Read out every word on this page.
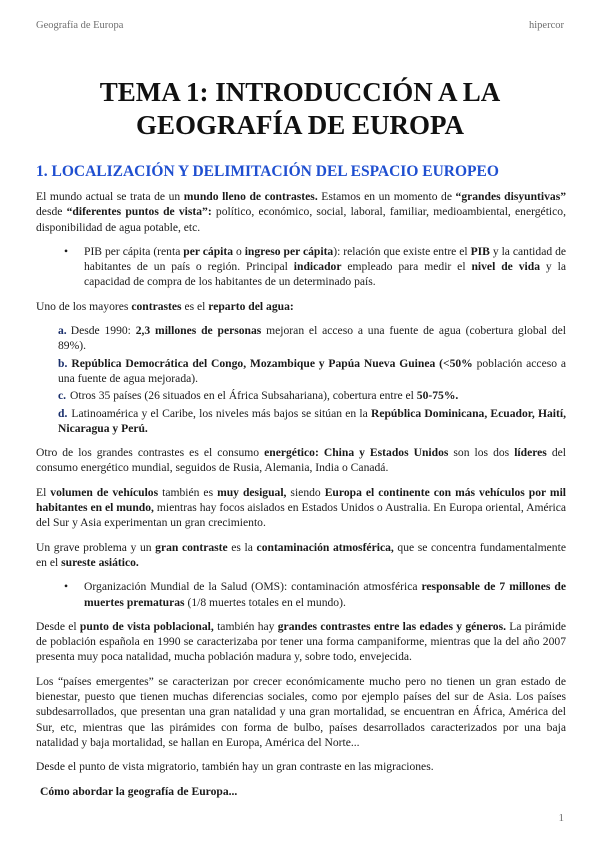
Geografía de Europa	hipercor
TEMA 1: INTRODUCCIÓN A LA
GEOGRAFÍA DE EUROPA
1. LOCALIZACIÓN Y DELIMITACIÓN DEL ESPACIO EUROPEO

El mundo actual se trata de un mundo lleno de contrastes. Estamos en un momento de “grandes disyuntivas” desde “diferentes puntos de vista”: político, económico, social, laboral, familiar, medioambiental, energético, disponibilidad de agua potable, etc.

• PIB per cápita (renta per cápita o ingreso per cápita): relación que existe entre el PIB y la cantidad de habitantes de un país o región. Principal indicador empleado para medir el nivel de vida y la capacidad de compra de los habitantes de un determinado país.

Uno de los mayores contrastes es el reparto del agua:

a. Desde 1990: 2,3 millones de personas mejoran el acceso a una fuente de agua (cobertura global del 89%).
b. República Democrática del Congo, Mozambique y Papúa Nueva Guinea (<50% población acceso a una fuente de agua mejorada).
c. Otros 35 países (26 situados en el África Subsahariana), cobertura entre el 50-75%.
d. Latinoamérica y el Caribe, los niveles más bajos se sitúan en la República Dominicana, Ecuador, Haití, Nicaragua y Perú.

Otro de los grandes contrastes es el consumo energético: China y Estados Unidos son los dos líderes del consumo energético mundial, seguidos de Rusia, Alemania, India o Canadá.

El volumen de vehículos también es muy desigual, siendo Europa el continente con más vehículos por mil habitantes en el mundo, mientras hay focos aislados en Estados Unidos o Australia. En Europa oriental, América del Sur y Asia experimentan un gran crecimiento.

Un grave problema y un gran contraste es la contaminación atmosférica, que se concentra fundamentalmente en el sureste asiático.

• Organización Mundial de la Salud (OMS): contaminación atmosférica responsable de 7 millones de muertes prematuras (1/8 muertes totales en el mundo).

Desde el punto de vista poblacional, también hay grandes contrastes entre las edades y géneros. La pirámide de población española en 1990 se caracterizaba por tener una forma campaniforme, mientras que la del año 2007 presenta muy poca natalidad, mucha población madura y, sobre todo, envejecida.

Los “países emergentes” se caracterizan por crecer económicamente mucho pero no tienen un gran estado de bienestar, puesto que tienen muchas diferencias sociales, como por ejemplo países del sur de Asia. Los países subdesarrollados, que presentan una gran natalidad y una gran mortalidad, se encuentran en África, América del Sur, etc, mientras que las pirámides con forma de bulbo, países desarrollados caracterizados por una baja natalidad y baja mortalidad, se hallan en Europa, América del Norte...

Desde el punto de vista migratorio, también hay un gran contraste en las migraciones.

Cómo abordar la geografía de Europa...

1
